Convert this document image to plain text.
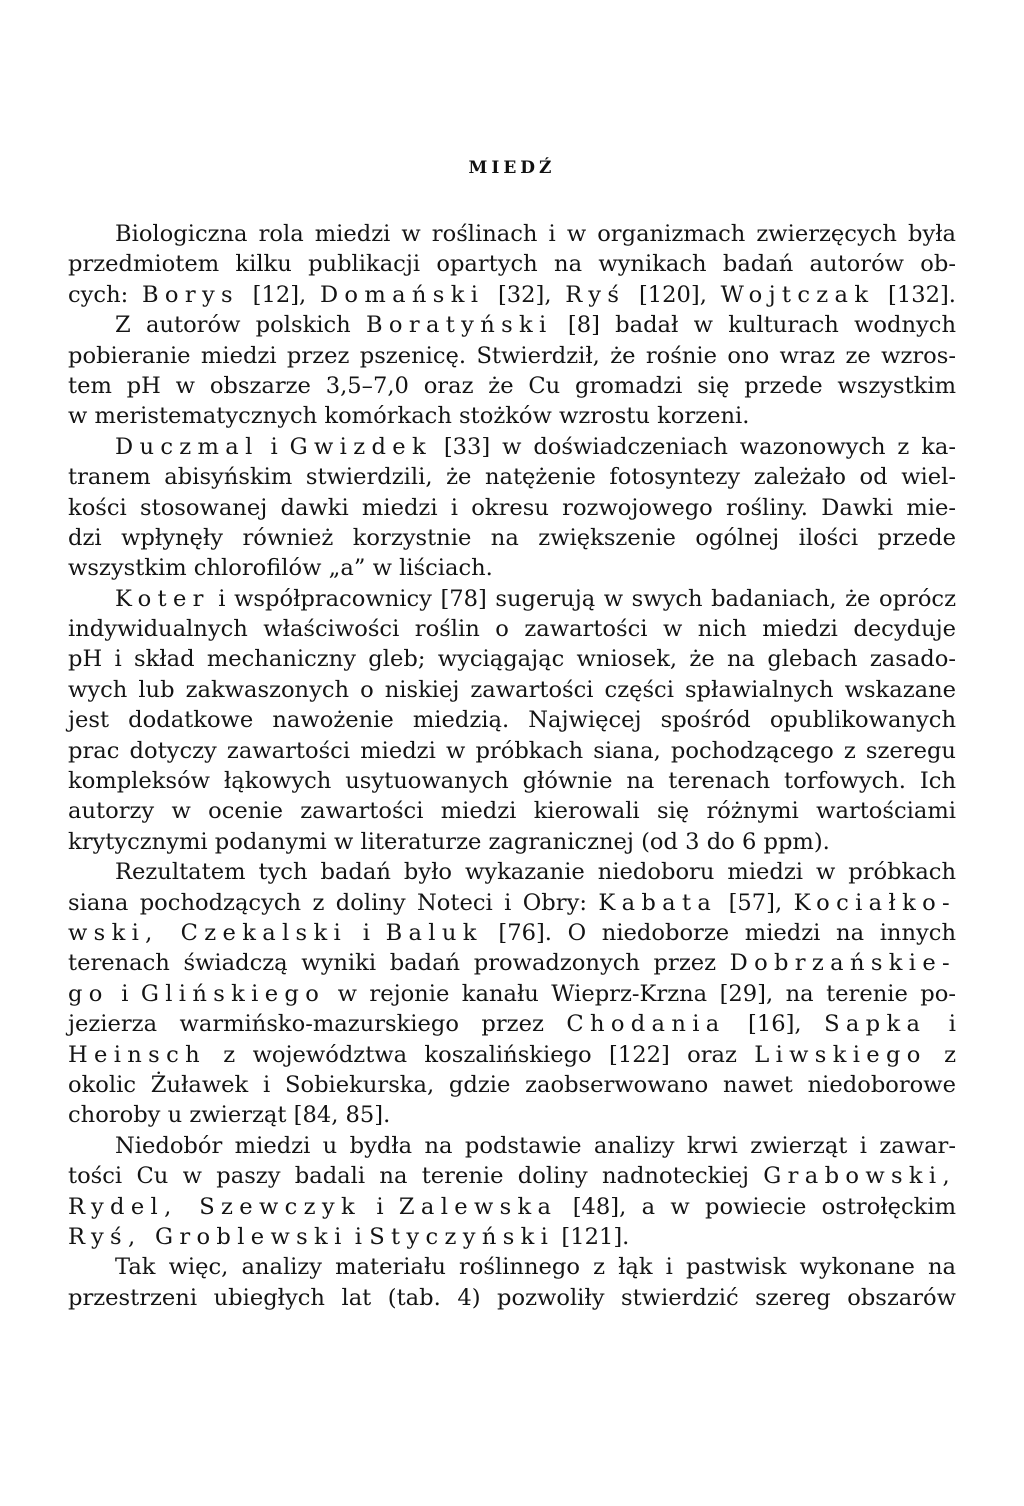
MIEDŹ
Biologiczna rola miedzi w roślinach i w organizmach zwierzęcych była
przedmiotem kilku publikacji opartych na wynikach badań autorów ob-
cych: Borys [12], Domański [32], Ryś [120], Wojtczak [132].
Z autorów polskich Boratyński [8] badał w kulturach wodnych
pobieranie miedzi przez pszenicę. Stwierdził, że rośnie ono wraz ze wzros-
tem pH w obszarze 3,5–7,0 oraz że Cu gromadzi się przede wszystkim
w meristematycznych komórkach stożków wzrostu korzeni.
Duczmal i Gwizdek [33] w doświadczeniach wazonowych z ka-
tranem abisyńskim stwierdzili, że natężenie fotosyntezy zależało od wiel-
kości stosowanej dawki miedzi i okresu rozwojowego rośliny. Dawki mie-
dzi wpłynęły również korzystnie na zwiększenie ogólnej ilości przede
wszystkim chlorofilów „a” w liściach.
Koter i współpracownicy [78] sugerują w swych badaniach, że oprócz
indywidualnych właściwości roślin o zawartości w nich miedzi decyduje
pH i skład mechaniczny gleb; wyciągając wniosek, że na glebach zasado-
wych lub zakwaszonych o niskiej zawartości części spławialnych wskazane
jest dodatkowe nawożenie miedzią. Najwięcej spośród opublikowanych
prac dotyczy zawartości miedzi w próbkach siana, pochodzącego z szeregu
kompleksów łąkowych usytuowanych głównie na terenach torfowych. Ich
autorzy w ocenie zawartości miedzi kierowali się różnymi wartościami
krytycznymi podanymi w literaturze zagranicznej (od 3 do 6 ppm).
Rezultatem tych badań było wykazanie niedoboru miedzi w próbkach
siana pochodzących z doliny Noteci i Obry: Kabata [57], Kociałko-
wski, Czekalski i Baluk [76]. O niedoborze miedzi na innych
terenach świadczą wyniki badań prowadzonych przez Dobrzańskie-
go i Glińskiego w rejonie kanału Wieprz-Krzna [29], na terenie po-
jezierza warmińsko-mazurskiego przez Chodania [16], Sapka i
Heinsch z województwa koszalińskiego [122] oraz Liwskiego z
okolic Żuławek i Sobiekurska, gdzie zaobserwowano nawet niedoborowe
choroby u zwierząt [84, 85].
Niedobór miedzi u bydła na podstawie analizy krwi zwierząt i zawar-
tości Cu w paszy badali na terenie doliny nadnoteckiej Grabowski,
Rydel, Szewczyk i Zalewska [48], a w powiecie ostrołęckim
Ryś, Groblewski i Styczyński [121].
Tak więc, analizy materiału roślinnego z łąk i pastwisk wykonane na
przestrzeni ubiegłych lat (tab. 4) pozwoliły stwierdzić szereg obszarów
